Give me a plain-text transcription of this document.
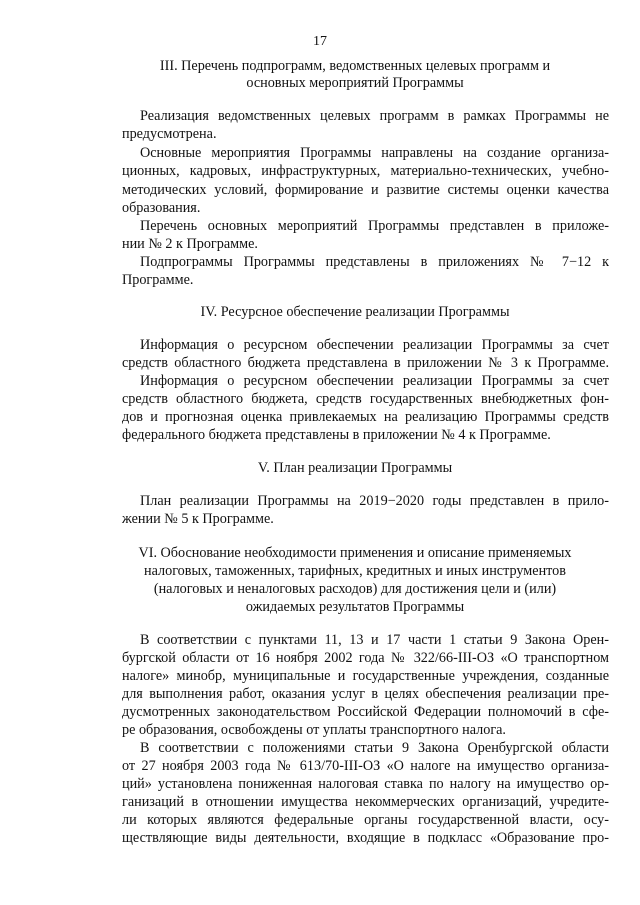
17
III. Перечень подпрограмм, ведомственных целевых программ и
основных мероприятий Программы
Реализация ведомственных целевых программ в рамках Программы не
предусмотрена.
Основные мероприятия Программы направлены на создание организа-
ционных, кадровых, инфраструктурных, материально-технических, учебно-
методических условий, формирование и развитие системы оценки качества
образования.
Перечень основных мероприятий Программы представлен в приложе-
нии № 2 к Программе.
Подпрограммы Программы представлены в приложениях № 7−12 к
Программе.
IV. Ресурсное обеспечение реализации Программы
Информация о ресурсном обеспечении реализации Программы за счет
средств областного бюджета представлена в приложении № 3 к Программе.
Информация о ресурсном обеспечении реализации Программы за счет
средств областного бюджета, средств государственных внебюджетных фон-
дов и прогнозная оценка привлекаемых на реализацию Программы средств
федерального бюджета представлены в приложении № 4 к Программе.
V. План реализации Программы
План реализации Программы на 2019−2020 годы представлен в прило-
жении № 5 к Программе.
VI. Обоснование необходимости применения и описание применяемых
налоговых, таможенных, тарифных, кредитных и иных инструментов
(налоговых и неналоговых расходов) для достижения цели и (или)
ожидаемых результатов Программы
В соответствии с пунктами 11, 13 и 17 части 1 статьи 9 Закона Орен-
бургской области от 16 ноября 2002 года № 322/66-III-ОЗ «О транспортном
налоге» минобр, муниципальные и государственные учреждения, созданные
для выполнения работ, оказания услуг в целях обеспечения реализации пре-
дусмотренных законодательством Российской Федерации полномочий в сфе-
ре образования, освобождены от уплаты транспортного налога.
В соответствии с положениями статьи 9 Закона Оренбургской области
от 27 ноября 2003 года № 613/70-III-ОЗ «О налоге на имущество организа-
ций» установлена пониженная налоговая ставка по налогу на имущество ор-
ганизаций в отношении имущества некоммерческих организаций, учредите-
ли которых являются федеральные органы государственной власти, осу-
ществляющие виды деятельности, входящие в подкласс «Образование про-
